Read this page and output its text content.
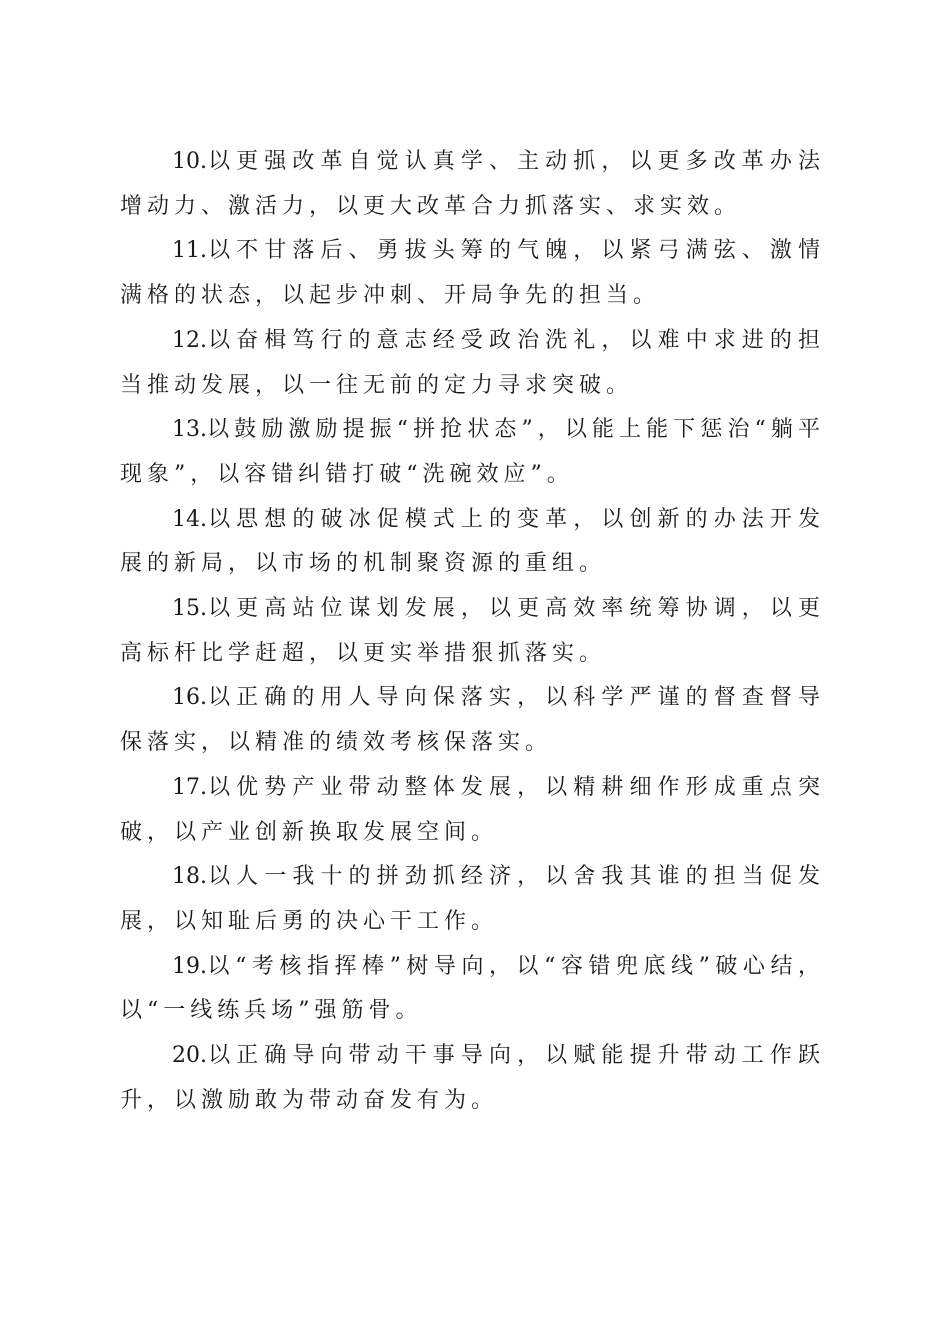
10.以更强改革自觉认真学、主动抓，以更多改革办法增动力、激活力，以更大改革合力抓落实、求实效。

11.以不甘落后、勇拔头筹的气魄，以紧弓满弦、激情满格的状态，以起步冲刺、开局争先的担当。

12.以奋楫笃行的意志经受政治洗礼，以难中求进的担当推动发展，以一往无前的定力寻求突破。

13.以鼓励激励提振“拼抢状态”，以能上能下惩治“躺平现象”，以容错纠错打破“洗碗效应”。

14.以思想的破冰促模式上的变革，以创新的办法开发展的新局，以市场的机制聚资源的重组。

15.以更高站位谋划发展，以更高效率统筹协调，以更高标杆比学赶超，以更实举措狠抓落实。

16.以正确的用人导向保落实，以科学严谨的督查督导保落实，以精准的绩效考核保落实。

17.以优势产业带动整体发展，以精耕细作形成重点突破，以产业创新换取发展空间。

18.以人一我十的拼劲抓经济，以舍我其谁的担当促发展，以知耻后勇的决心干工作。

19.以“考核指挥棒”树导向，以“容错兜底线”破心结，以“一线练兵场”强筋骨。

20.以正确导向带动干事导向，以赋能提升带动工作跃升，以激励敢为带动奋发有为。
